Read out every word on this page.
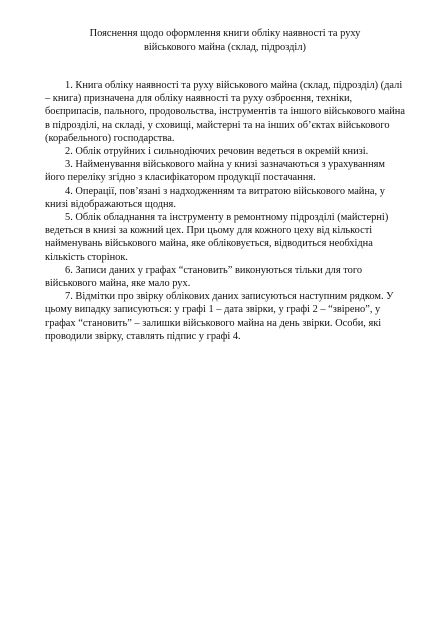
Пояснення щодо оформлення книги обліку наявності та руху
військового майна (склад, підрозділ)

1. Книга обліку наявності та руху військового майна (склад, підрозділ) (далі – книга) призначена для обліку наявності та руху озброєння, техніки, боєприпасів, пального, продовольства, інструментів та іншого військового майна в підрозділі, на складі, у сховищі, майстерні та на інших об’єктах військового (корабельного) господарства.

2. Облік отруйних і сильнодіючих речовин ведеться в окремій книзі.

3. Найменування військового майна у книзі зазначаються з урахуванням його переліку згідно з класифікатором продукції постачання.

4. Операції, пов’язані з надходженням та витратою військового майна, у книзі відображаються щодня.

5. Облік обладнання та інструменту в ремонтному підрозділі (майстерні) ведеться в книзі за кожний цех. При цьому для кожного цеху від кількості найменувань військового майна, яке обліковується, відводиться необхідна кількість сторінок.

6. Записи даних у графах “становить” виконуються тільки для того військового майна, яке мало рух.

7. Відмітки про звірку облікових даних записуються наступним рядком. У цьому випадку записуються: у графі 1 – дата звірки, у графі 2 – “звірено”, у графах “становить” – залишки військового майна на день звірки. Особи, які проводили звірку, ставлять підпис у графі 4.
